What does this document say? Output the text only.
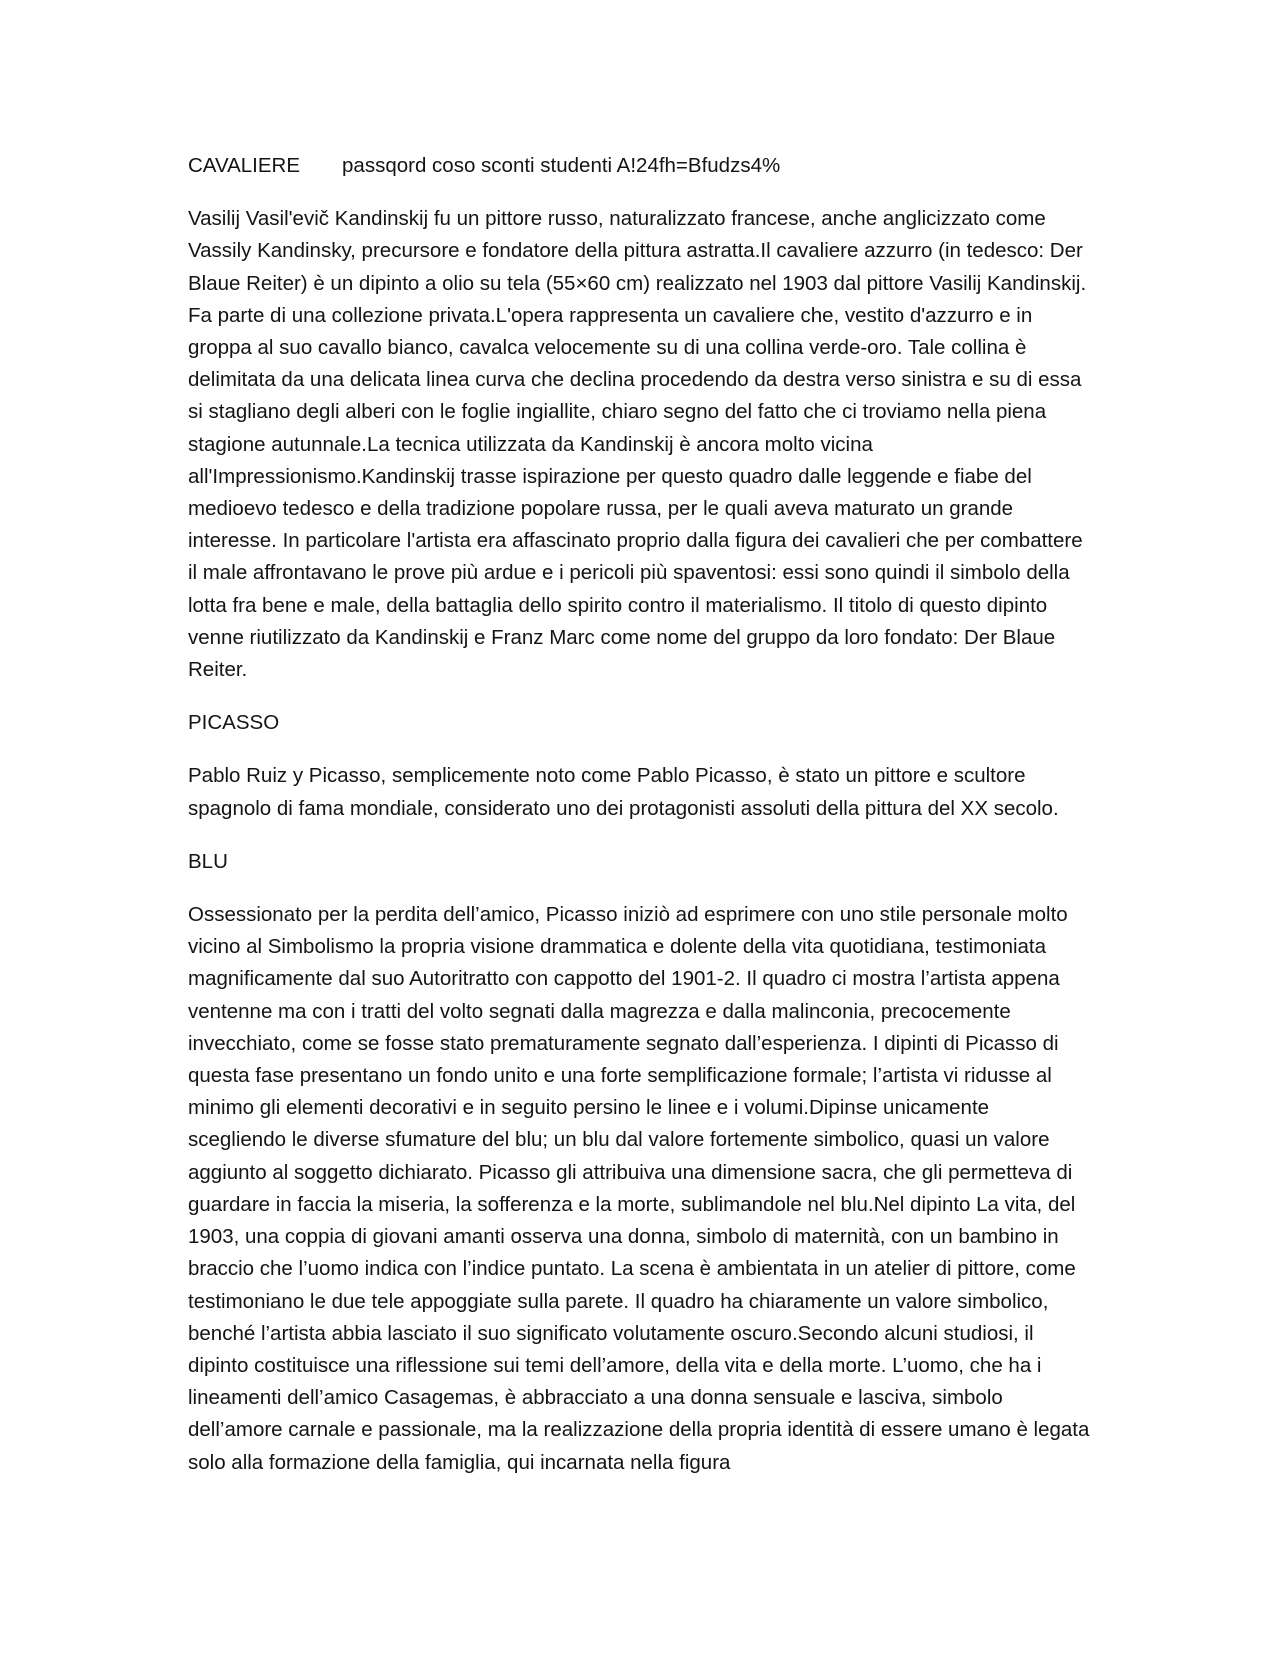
CAVALIERE passqord coso sconti studenti A!24fh=Bfudzs4%

Vasilij Vasil'evič Kandinskij fu un pittore russo, naturalizzato francese, anche anglicizzato come Vassily Kandinsky, precursore e fondatore della pittura astratta.Il cavaliere azzurro (in tedesco: Der Blaue Reiter) è un dipinto a olio su tela (55×60 cm) realizzato nel 1903 dal pittore Vasilij Kandinskij. Fa parte di una collezione privata.L'opera rappresenta un cavaliere che, vestito d'azzurro e in groppa al suo cavallo bianco, cavalca velocemente su di una collina verde-oro. Tale collina è delimitata da una delicata linea curva che declina procedendo da destra verso sinistra e su di essa si stagliano degli alberi con le foglie ingiallite, chiaro segno del fatto che ci troviamo nella piena stagione autunnale.La tecnica utilizzata da Kandinskij è ancora molto vicina all'Impressionismo.Kandinskij trasse ispirazione per questo quadro dalle leggende e fiabe del medioevo tedesco e della tradizione popolare russa, per le quali aveva maturato un grande interesse. In particolare l'artista era affascinato proprio dalla figura dei cavalieri che per combattere il male affrontavano le prove più ardue e i pericoli più spaventosi: essi sono quindi il simbolo della lotta fra bene e male, della battaglia dello spirito contro il materialismo. Il titolo di questo dipinto venne riutilizzato da Kandinskij e Franz Marc come nome del gruppo da loro fondato: Der Blaue Reiter.

PICASSO

Pablo Ruiz y Picasso, semplicemente noto come Pablo Picasso, è stato un pittore e scultore spagnolo di fama mondiale, considerato uno dei protagonisti assoluti della pittura del XX secolo.

BLU

Ossessionato per la perdita dell’amico, Picasso iniziò ad esprimere con uno stile personale molto vicino al Simbolismo la propria visione drammatica e dolente della vita quotidiana, testimoniata magnificamente dal suo Autoritratto con cappotto del 1901-2. Il quadro ci mostra l’artista appena ventenne ma con i tratti del volto segnati dalla magrezza e dalla malinconia, precocemente invecchiato, come se fosse stato prematuramente segnato dall’esperienza. I dipinti di Picasso di questa fase presentano un fondo unito e una forte semplificazione formale; l’artista vi ridusse al minimo gli elementi decorativi e in seguito persino le linee e i volumi.Dipinse unicamente scegliendo le diverse sfumature del blu; un blu dal valore fortemente simbolico, quasi un valore aggiunto al soggetto dichiarato. Picasso gli attribuiva una dimensione sacra, che gli permetteva di guardare in faccia la miseria, la sofferenza e la morte, sublimandole nel blu.Nel dipinto La vita, del 1903, una coppia di giovani amanti osserva una donna, simbolo di maternità, con un bambino in braccio che l’uomo indica con l’indice puntato. La scena è ambientata in un atelier di pittore, come testimoniano le due tele appoggiate sulla parete. Il quadro ha chiaramente un valore simbolico, benché l’artista abbia lasciato il suo significato volutamente oscuro.Secondo alcuni studiosi, il dipinto costituisce una riflessione sui temi dell’amore, della vita e della morte. L’uomo, che ha i lineamenti dell’amico Casagemas, è abbracciato a una donna sensuale e lasciva, simbolo dell’amore carnale e passionale, ma la realizzazione della propria identità di essere umano è legata solo alla formazione della famiglia, qui incarnata nella figura
